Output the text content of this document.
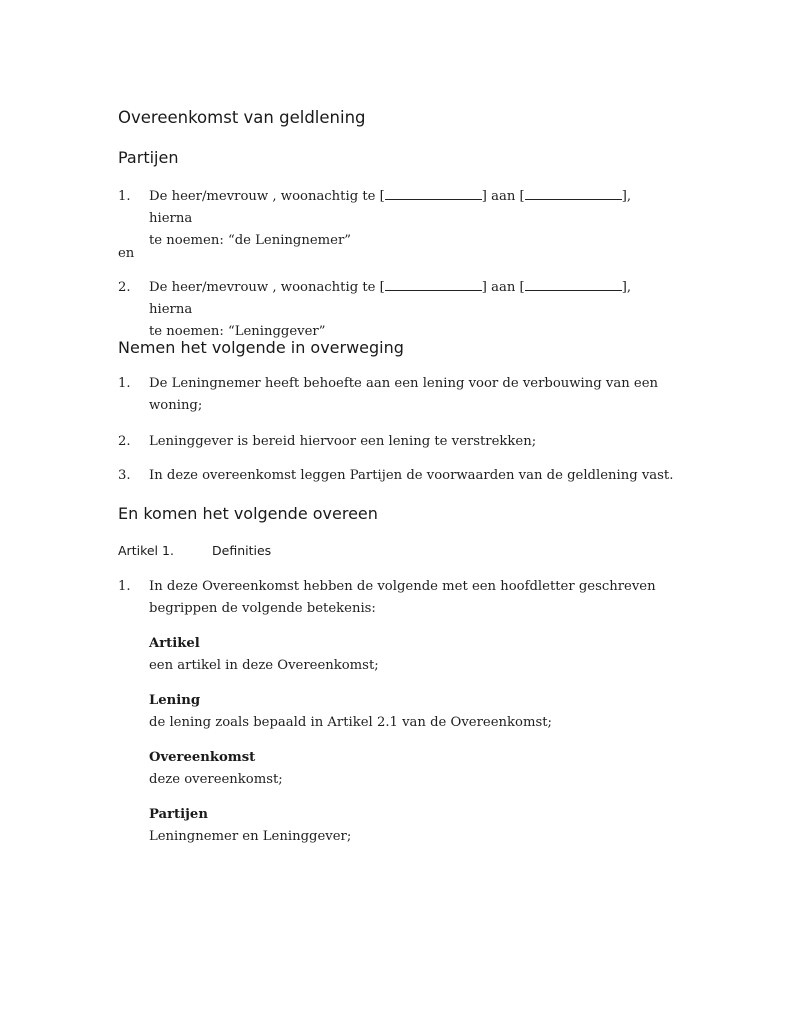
Overeenkomst van geldlening
Partijen
1. De heer/mevrouw , woonachtig te [	] aan [	], hierna
te noemen: “de Leningnemer”
en
2. De heer/mevrouw , woonachtig te [	] aan [	], hierna
te noemen: “Leninggever”
Nemen het volgende in overweging
1. De Leningnemer heeft behoefte aan een lening voor de verbouwing van een
woning;
2. Leninggever is bereid hiervoor een lening te verstrekken;
3. In deze overeenkomst leggen Partijen de voorwaarden van de geldlening vast.
En komen het volgende overeen
Artikel 1.	Definities
1. In deze Overeenkomst hebben de volgende met een hoofdletter geschreven
begrippen de volgende betekenis:
Artikel
een artikel in deze Overeenkomst;
Lening
de lening zoals bepaald in Artikel 2.1 van de Overeenkomst;
Overeenkomst
deze overeenkomst;
Partijen
Leningnemer en Leninggever;
